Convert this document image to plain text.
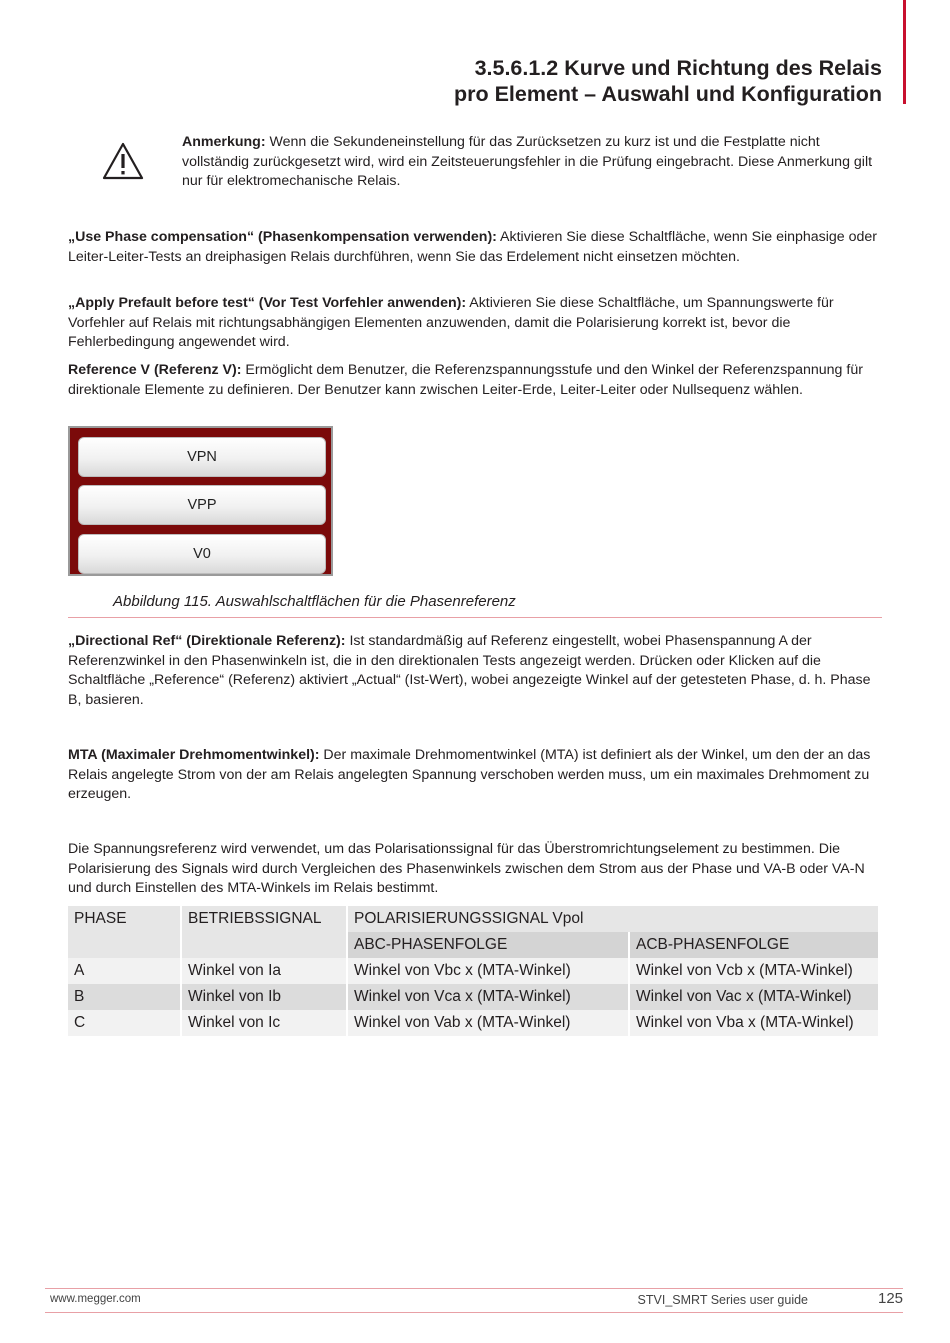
3.5.6.1.2 Kurve und Richtung des Relais
pro Element – Auswahl und Konfiguration
Anmerkung: Wenn die Sekundeneinstellung für das Zurücksetzen zu kurz ist und die Festplatte nicht vollständig zurückgesetzt wird, wird ein Zeitsteuerungsfehler in die Prüfung eingebracht. Diese Anmerkung gilt nur für elektromechanische Relais.
„Use Phase compensation“ (Phasenkompensation verwenden): Aktivieren Sie diese Schaltfläche, wenn Sie einphasige oder Leiter-Leiter-Tests an dreiphasigen Relais durchführen, wenn Sie das Erdelement nicht einsetzen möchten.
„Apply Prefault before test“ (Vor Test Vorfehler anwenden): Aktivieren Sie diese Schaltfläche, um Spannungswerte für Vorfehler auf Relais mit richtungsabhängigen Elementen anzuwenden, damit die Polarisierung korrekt ist, bevor die Fehlerbedingung angewendet wird.
Reference V (Referenz V): Ermöglicht dem Benutzer, die Referenzspannungsstufe und den Winkel der Referenzspannung für direktionale Elemente zu definieren. Der Benutzer kann zwischen Leiter-Erde, Leiter-Leiter oder Nullsequenz wählen.
VPN
VPP
V0
Abbildung 115. Auswahlschaltflächen für die Phasenreferenz
„Directional Ref“ (Direktionale Referenz): Ist standardmäßig auf Referenz eingestellt, wobei Phasenspannung A der Referenzwinkel in den Phasenwinkeln ist, die in den direktionalen Tests angezeigt werden. Drücken oder Klicken auf die Schaltfläche „Reference“ (Referenz) aktiviert „Actual“ (Ist-Wert), wobei angezeigte Winkel auf der getesteten Phase, d. h. Phase B, basieren.
MTA (Maximaler Drehmomentwinkel): Der maximale Drehmomentwinkel (MTA) ist definiert als der Winkel, um den der an das Relais angelegte Strom von der am Relais angelegten Spannung verschoben werden muss, um ein maximales Drehmoment zu erzeugen.
Die Spannungsreferenz wird verwendet, um das Polarisationssignal für das Überstromrichtungselement zu bestimmen. Die Polarisierung des Signals wird durch Vergleichen des Phasenwinkels zwischen dem Strom aus der Phase und VA-B oder VA-N und durch Einstellen des MTA-Winkels im Relais bestimmt.
PHASE	BETRIEBSSIGNAL	POLARISIERUNGSSIGNAL Vpol	
		ABC-PHASENFOLGE	ACB-PHASENFOLGE
A	Winkel von Ia	Winkel von Vbc x (MTA-Winkel)	Winkel von Vcb x (MTA-Winkel)
B	Winkel von Ib	Winkel von Vca x (MTA-Winkel)	Winkel von Vac x (MTA-Winkel)
C	Winkel von Ic	Winkel von Vab x (MTA-Winkel)	Winkel von Vba x (MTA-Winkel)
www.megger.com	STVI_SMRT Series user guide	125
